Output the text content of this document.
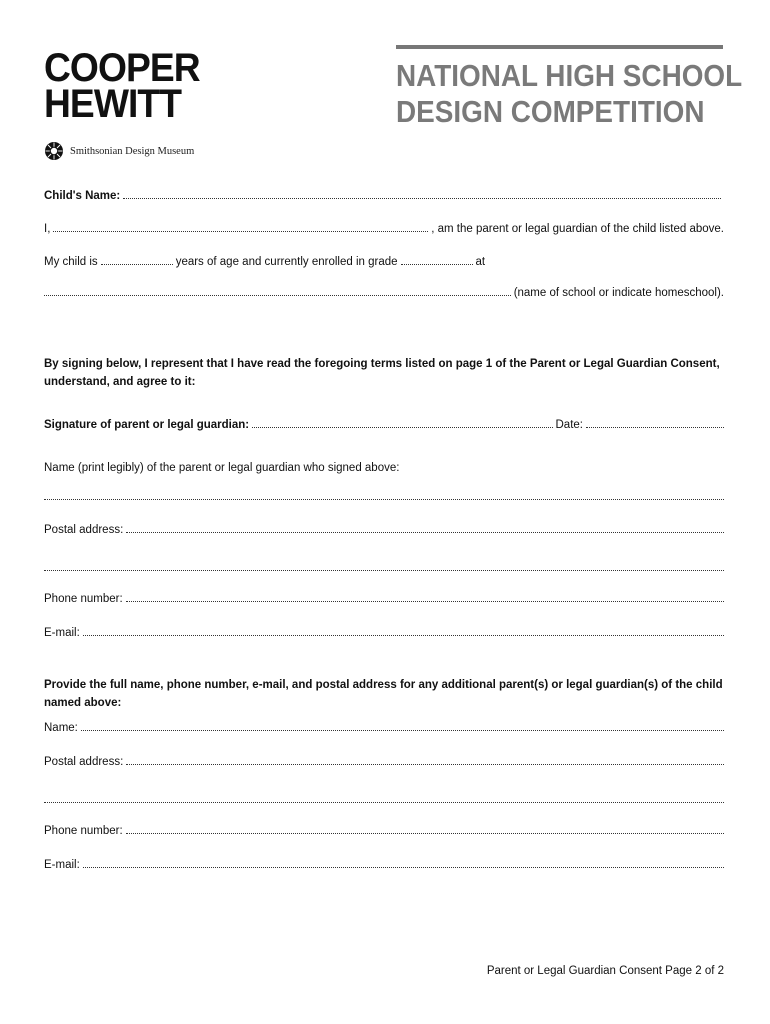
COOPER
HEWITT
Smithsonian Design Museum
NATIONAL HIGH SCHOOL
DESIGN COMPETITION
Child's Name:
I,	, am the parent or legal guardian of the child listed above.
My child is	years of age and currently enrolled in grade	at
(name of school or indicate homeschool).
By signing below, I represent that I have read the foregoing terms listed on page 1 of the Parent or Legal Guardian Consent, understand, and agree to it:
Signature of parent or legal guardian:	Date:
Name (print legibly) of the parent or legal guardian who signed above:
Postal address:
Phone number:
E-mail:
Provide the full name, phone number, e-mail, and postal address for any additional parent(s) or legal guardian(s) of the child named above:
Name:
Postal address:
Phone number:
E-mail:
Parent or Legal Guardian Consent Page 2 of 2
